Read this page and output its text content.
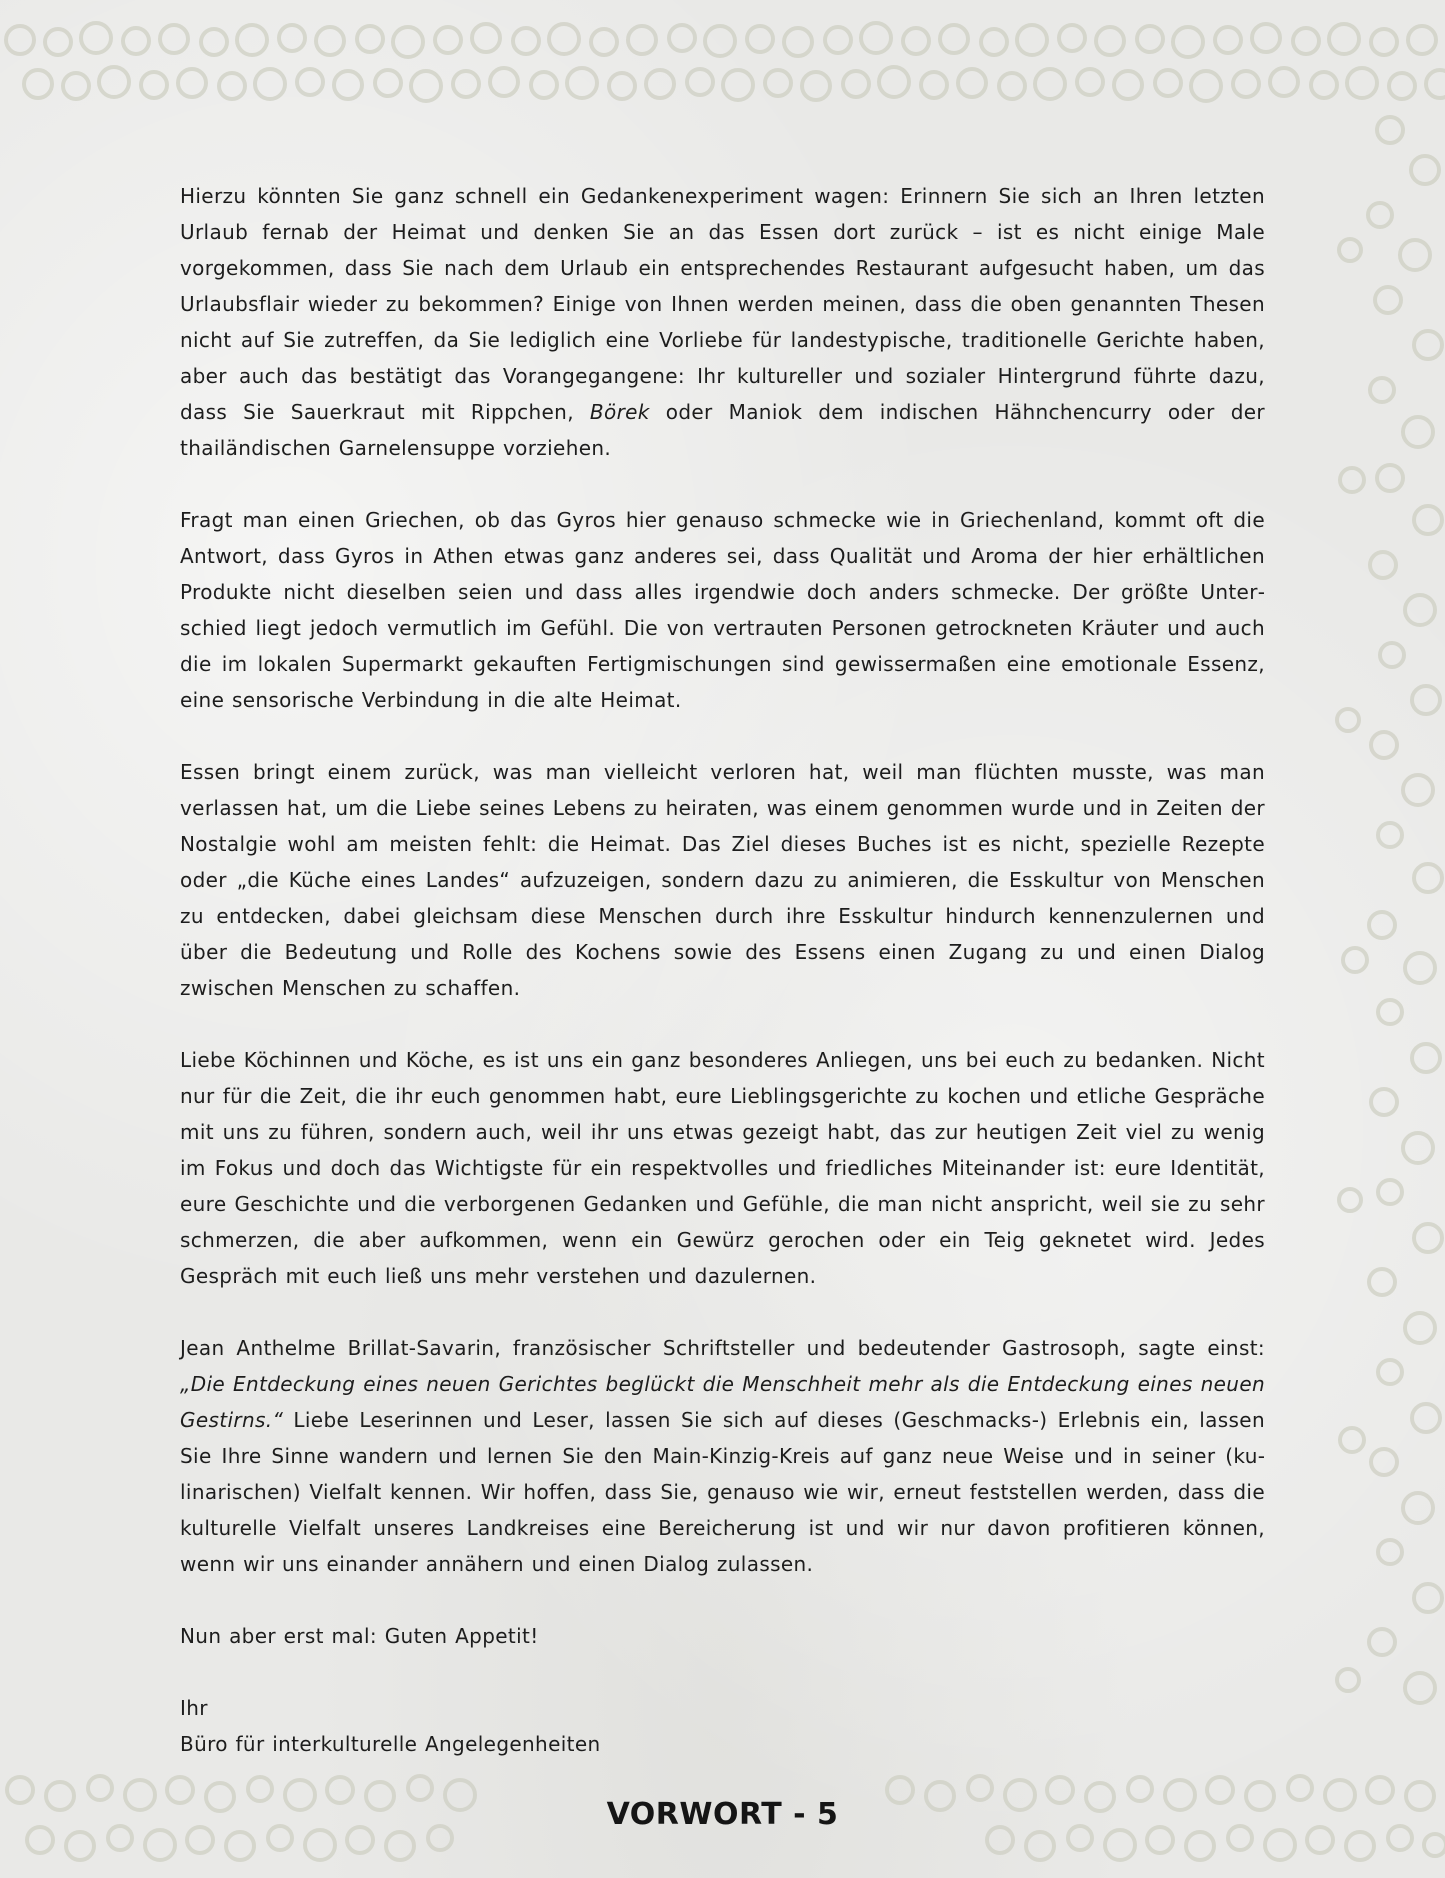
Hierzu könnten Sie ganz schnell ein Gedankenexperiment wagen: Erinnern Sie sich an Ihren letzten Urlaub fernab der Heimat und denken Sie an das Essen dort zurück – ist es nicht einige Male vorgekommen, dass Sie nach dem Urlaub ein entsprechendes Restaurant aufgesucht haben, um das Urlaubsflair wieder zu bekommen? Einige von Ihnen werden meinen, dass die oben genannten Thesen nicht auf Sie zutreffen, da Sie lediglich eine Vorliebe für landestypische, traditionelle Gerichte haben, aber auch das bestätigt das Vorangegangene: Ihr kultureller und sozialer Hintergrund führte dazu, dass Sie Sauerkraut mit Rippchen, Börek oder Maniok dem indischen Hähnchencurry oder der thailändischen Garnelensuppe vorziehen.

Fragt man einen Griechen, ob das Gyros hier genauso schmecke wie in Griechenland, kommt oft die Antwort, dass Gyros in Athen etwas ganz anderes sei, dass Qualität und Aroma der hier erhältlichen Produkte nicht dieselben seien und dass alles irgendwie doch anders schmecke. Der größte Unterschied liegt jedoch vermutlich im Gefühl. Die von vertrauten Personen getrockneten Kräuter und auch die im lokalen Supermarkt gekauften Fertigmischungen sind gewissermaßen eine emotionale Essenz, eine sensorische Verbindung in die alte Heimat.

Essen bringt einem zurück, was man vielleicht verloren hat, weil man flüchten musste, was man verlassen hat, um die Liebe seines Lebens zu heiraten, was einem genommen wurde und in Zeiten der Nostalgie wohl am meisten fehlt: die Heimat. Das Ziel dieses Buches ist es nicht, spezielle Rezepte oder „die Küche eines Landes“ aufzuzeigen, sondern dazu zu animieren, die Esskultur von Menschen zu entdecken, dabei gleichsam diese Menschen durch ihre Esskultur hindurch kennenzulernen und über die Bedeutung und Rolle des Kochens sowie des Essens einen Zugang zu und einen Dialog zwischen Menschen zu schaffen.

Liebe Köchinnen und Köche, es ist uns ein ganz besonderes Anliegen, uns bei euch zu bedanken. Nicht nur für die Zeit, die ihr euch genommen habt, eure Lieblingsgerichte zu kochen und etliche Gespräche mit uns zu führen, sondern auch, weil ihr uns etwas gezeigt habt, das zur heutigen Zeit viel zu wenig im Fokus und doch das Wichtigste für ein respektvolles und friedliches Miteinander ist: eure Identität, eure Geschichte und die verborgenen Gedanken und Gefühle, die man nicht anspricht, weil sie zu sehr schmerzen, die aber aufkommen, wenn ein Gewürz gerochen oder ein Teig geknetet wird. Jedes Gespräch mit euch ließ uns mehr verstehen und dazulernen.

Jean Anthelme Brillat-Savarin, französischer Schriftsteller und bedeutender Gastrosoph, sagte einst: „Die Entdeckung eines neuen Gerichtes beglückt die Menschheit mehr als die Entdeckung eines neuen Gestirns.“ Liebe Leserinnen und Leser, lassen Sie sich auf dieses (Geschmacks-) Erlebnis ein, lassen Sie Ihre Sinne wandern und lernen Sie den Main-Kinzig-Kreis auf ganz neue Weise und in seiner (kulinarischen) Vielfalt kennen. Wir hoffen, dass Sie, genauso wie wir, erneut feststellen werden, dass die kulturelle Vielfalt unseres Landkreises eine Bereicherung ist und wir nur davon profitieren können, wenn wir uns einander annähern und einen Dialog zulassen.

Nun aber erst mal: Guten Appetit!

Ihr

Büro für interkulturelle Angelegenheiten

VORWORT - 5
